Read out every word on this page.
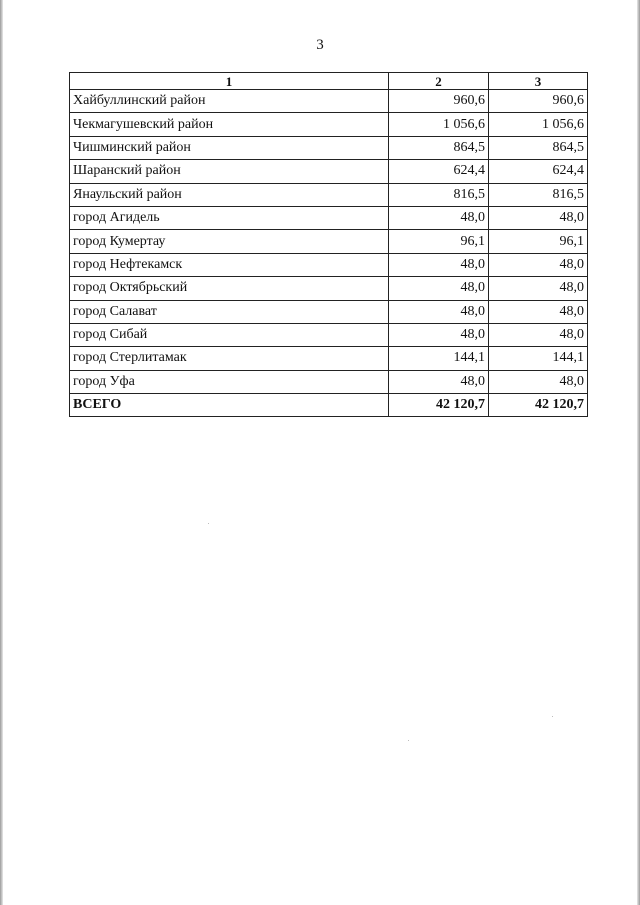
3
1	2	3
Хайбуллинский район	960,6	960,6
Чекмагушевский район	1 056,6	1 056,6
Чишминский район	864,5	864,5
Шаранский район	624,4	624,4
Янаульский район	816,5	816,5
город Агидель	48,0	48,0
город Кумертау	96,1	96,1
город Нефтекамск	48,0	48,0
город Октябрьский	48,0	48,0
город Салават	48,0	48,0
город Сибай	48,0	48,0
город Стерлитамак	144,1	144,1
город Уфа	48,0	48,0
ВСЕГО	42 120,7	42 120,7
